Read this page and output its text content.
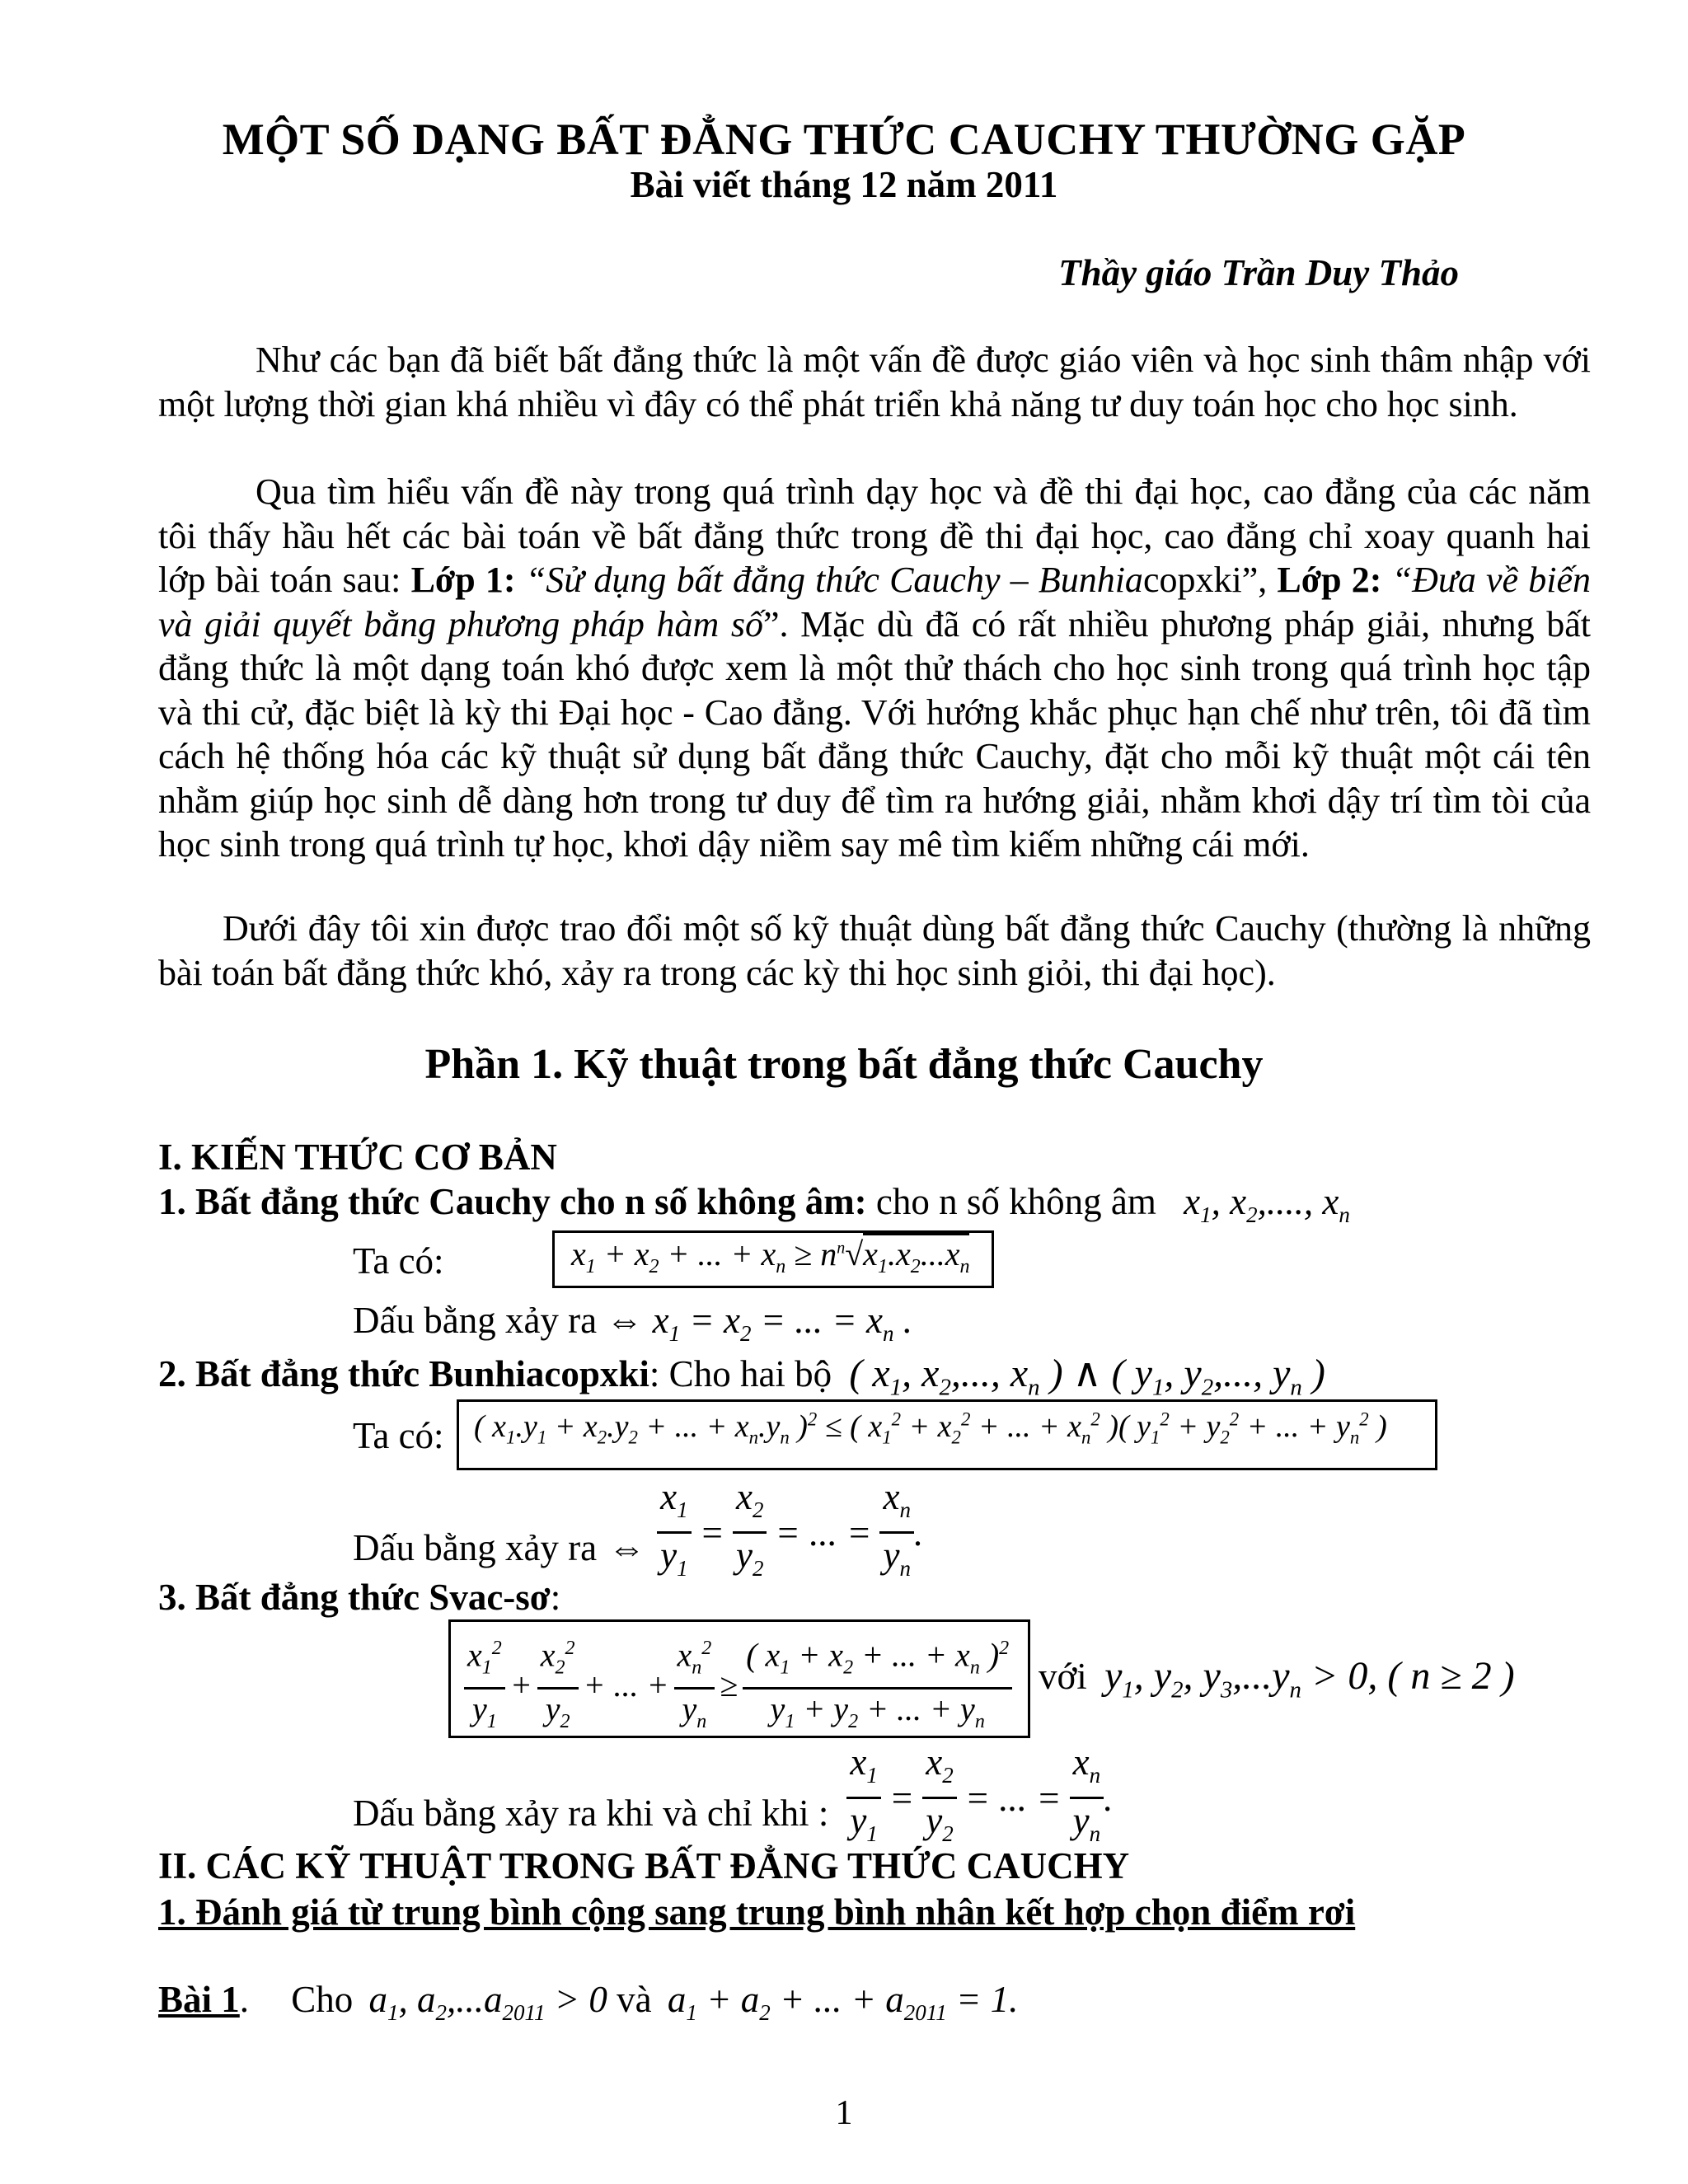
MỘT SỐ DẠNG BẤT ĐẲNG THỨC CAUCHY THƯỜNG GẶP
Bài viết tháng 12 năm 2011
Thầy giáo Trần Duy Thảo
Như các bạn đã biết bất đẳng thức là một vấn đề được giáo viên và học sinh thâm nhập với một lượng thời gian khá nhiều vì đây có thể phát triển khả năng tư duy toán học cho học sinh.
Qua tìm hiểu vấn đề này trong quá trình dạy học và đề thi đại học, cao đẳng của các năm tôi thấy hầu hết các bài toán về bất đẳng thức trong đề thi đại học, cao đẳng chỉ xoay quanh hai lớp bài toán sau: Lớp 1: “Sử dụng bất đẳng thức Cauchy – Bunhiacopxki”, Lớp 2: “Đưa về biến và giải quyết bằng phương pháp hàm số”. Mặc dù đã có rất nhiều phương pháp giải, nhưng bất đẳng thức là một dạng toán khó được xem là một thử thách cho học sinh trong quá trình học tập và thi cử, đặc biệt là kỳ thi Đại học - Cao đẳng. Với hướng khắc phục hạn chế như trên, tôi đã tìm cách hệ thống hóa các kỹ thuật sử dụng bất đẳng thức Cauchy, đặt cho mỗi kỹ thuật một cái tên nhằm giúp học sinh dễ dàng hơn trong tư duy để tìm ra hướng giải, nhằm khơi dậy trí tìm tòi của học sinh trong quá trình tự học, khơi dậy niềm say mê tìm kiếm những cái mới.
Dưới đây tôi xin được trao đổi một số kỹ thuật dùng bất đẳng thức Cauchy (thường là những bài toán bất đẳng thức khó, xảy ra trong các kỳ thi học sinh giỏi, thi đại học).
Phần 1. Kỹ thuật trong bất đẳng thức Cauchy
I. KIẾN THỨC CƠ BẢN
1. Bất đẳng thức Cauchy cho n số không âm: cho n số không âm $x_1$, $x_2$,...., $x_n$
Ta có:	$x_1 + x_2$ + ... + $x_n \ge n^n√x_1.x_2...x_n$
Dấu bằng xảy ra ⇔ $x_1 = x_2$ = ... = $x_n$ .
2. Bất đẳng thức Bunhiacopxki: Cho hai bộ ( $x_1$, $x_2$,..., $x_n$ ) ∧ ( $y_1$, $y_2$,..., $y_n$ )
Ta có: ( $x_1.y_1 + x_2.y_2$ + ... + $x_n.y_n$ )$^2$ ≤ ( $x_1^2 + x_2^2$ + ... + $x_n^2$ )( $y_1^2 + y_2^2$ + ... + $y_n^2$ )
Dấu bằng xảy ra ⇔ $\frac{x_1}{y_1} = \frac{x_2}{y_2}$ = ... = $\frac{x_n}{y_n}$ .
3. Bất đẳng thức Svac-sơ:
$\frac{x_1^2}{y_1} + \frac{x_2^2}{y_2}$ + ... + $\frac{x_n^2}{y_n} \ge \frac{( x_1 + x_2 + ... + x_n )^2}{y_1 + y_2 + ... + y_n}$ với $y_1$, $y_2$, $y_3,...y_n > 0$, ( n ≥ 2 )
Dấu bằng xảy ra khi và chỉ khi : $\frac{x_1}{y_1} = \frac{x_2}{y_2}$ = ... = $\frac{x_n}{y_n}$ .
II. CÁC KỸ THUẬT TRONG BẤT ĐẲNG THỨC CAUCHY
1. Đánh giá từ trung bình cộng sang trung bình nhân kết hợp chọn điểm rơi
Bài 1. Cho $a_1$, $a_2,...a_{2011} > 0$ và $a_1 + a_2$ + ... + $a_{2011} = 1$.
1
